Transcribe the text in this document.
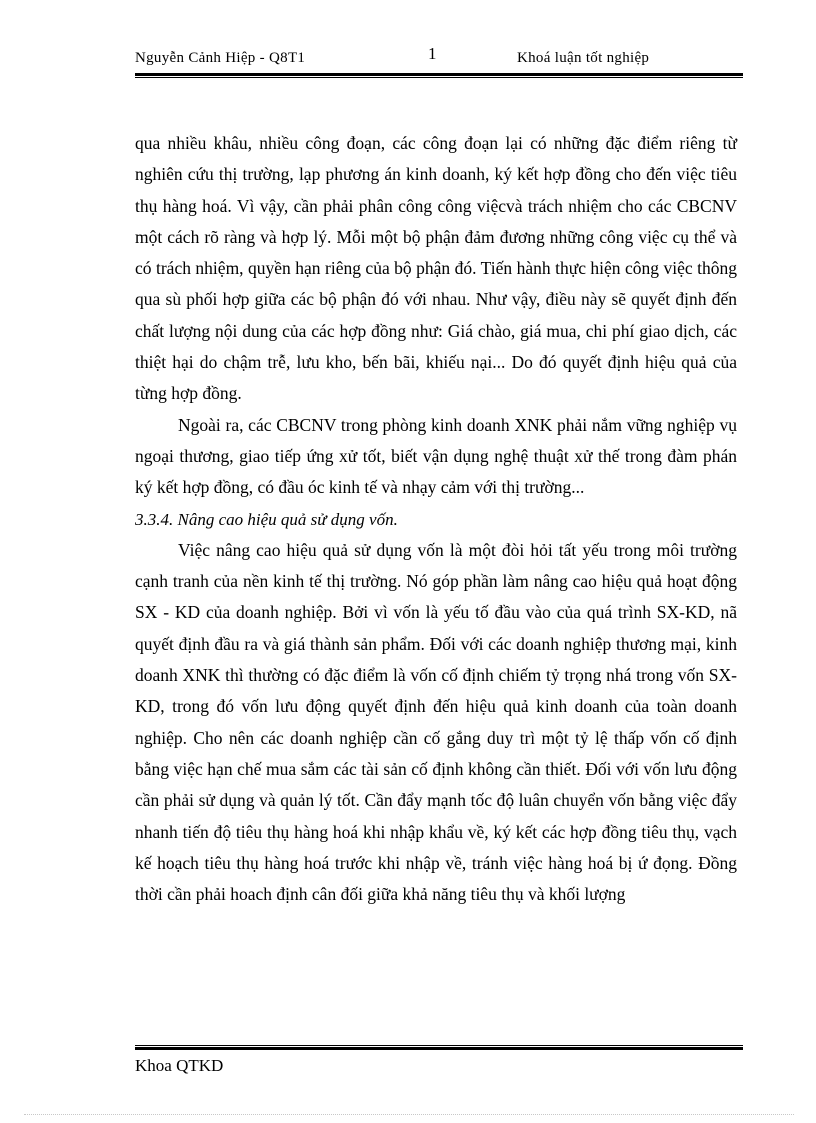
Nguyễn Cảnh Hiệp - Q8T1	1	Khoá luận tốt nghiệp

qua nhiều khâu, nhiều công đoạn, các công đoạn lại có những đặc điểm riêng từ nghiên cứu thị trường, lạp phương án kinh doanh, ký kết hợp đồng cho đến việc tiêu thụ hàng hoá. Vì vậy, cần phải phân công công việcvà trách nhiệm cho các CBCNV một cách rõ ràng và hợp lý. Mỗi một bộ phận đảm đương những công việc cụ thể và có trách nhiệm, quyền hạn riêng của bộ phận đó. Tiến hành thực hiện công việc thông qua sù phối hợp giữa các bộ phận đó với nhau. Như vậy, điều này sẽ quyết định đến chất lượng nội dung của các hợp đồng như: Giá chào, giá mua, chi phí giao dịch, các thiệt hại do chậm trễ, lưu kho, bến bãi, khiếu nại... Do đó quyết định hiệu quả của từng hợp đồng.

Ngoài ra, các CBCNV trong phòng kinh doanh XNK phải nắm vững nghiệp vụ ngoại thương, giao tiếp ứng xử tốt, biết vận dụng nghệ thuật xử thế trong đàm phán ký kết hợp đồng, có đầu óc kinh tế và nhạy cảm với thị trường...

3.3.4. Nâng cao hiệu quả sử dụng vốn.

Việc nâng cao hiệu quả sử dụng vốn là một đòi hỏi tất yếu trong môi trường cạnh tranh của nền kinh tế thị trường. Nó góp phần làm nâng cao hiệu quả hoạt động SX - KD của doanh nghiệp. Bởi vì vốn là yếu tố đầu vào của quá trình SX-KD, nã quyết định đầu ra và giá thành sản phẩm. Đối với các doanh nghiệp thương mại, kinh doanh XNK thì thường có đặc điểm là vốn cố định chiếm tỷ trọng nhá trong vốn SX-KD, trong đó vốn lưu động quyết định đến hiệu quả kinh doanh của toàn doanh nghiệp. Cho nên các doanh nghiệp cần cố gắng duy trì một tỷ lệ thấp vốn cố định bằng việc hạn chế mua sắm các tài sản cố định không cần thiết. Đối với vốn lưu động cần phải sử dụng và quản lý tốt. Cần đẩy mạnh tốc độ luân chuyển vốn bằng việc đẩy nhanh tiến độ tiêu thụ hàng hoá khi nhập khẩu về, ký kết các hợp đồng tiêu thụ, vạch kế hoạch tiêu thụ hàng hoá trước khi nhập về, tránh việc hàng hoá bị ứ đọng. Đồng thời cần phải hoach định cân đối giữa khả năng tiêu thụ và khối lượng

Khoa QTKD
